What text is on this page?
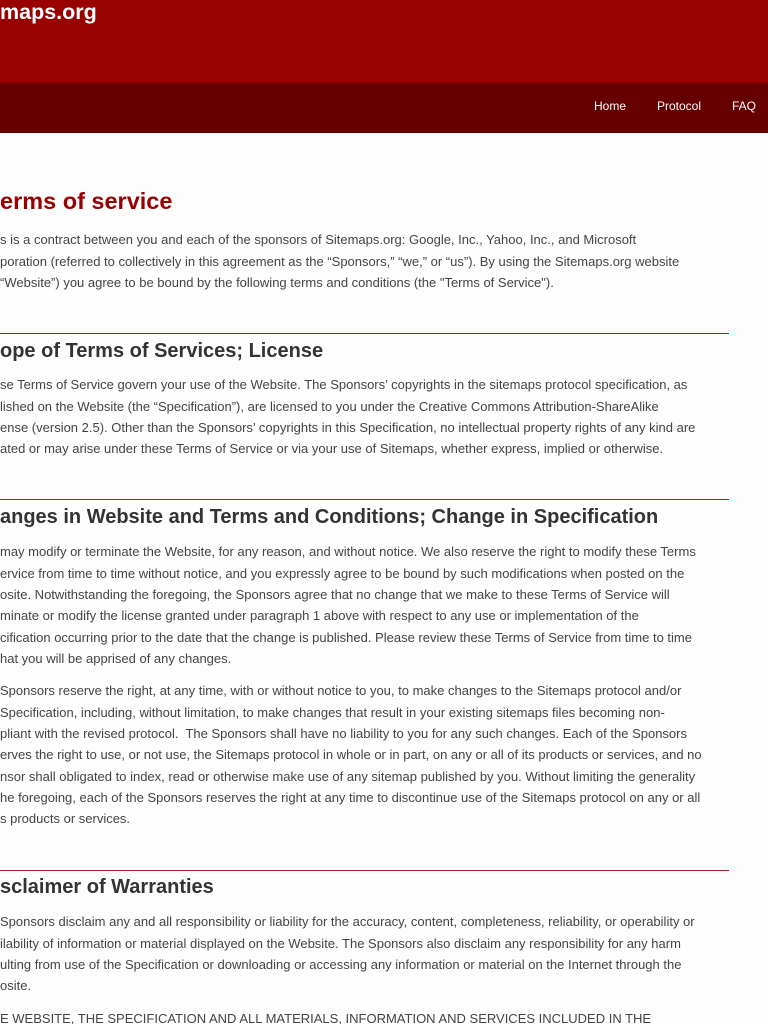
maps.org
Home	Protocol	FAQ
erms of service
s is a contract between you and each of the sponsors of Sitemaps.org: Google, Inc., Yahoo, Inc., and Microsoft
poration (referred to collectively in this agreement as the “Sponsors,” “we,” or “us”). By using the Sitemaps.org website
“Website”) you agree to be bound by the following terms and conditions (the "Terms of Service").
ope of Terms of Services; License
se Terms of Service govern your use of the Website. The Sponsors’ copyrights in the sitemaps protocol specification, as
lished on the Website (the “Specification”), are licensed to you under the Creative Commons Attribution-ShareAlike
ense (version 2.5). Other than the Sponsors’ copyrights in this Specification, no intellectual property rights of any kind are
ated or may arise under these Terms of Service or via your use of Sitemaps, whether express, implied or otherwise.
anges in Website and Terms and Conditions; Change in Specification
may modify or terminate the Website, for any reason, and without notice. We also reserve the right to modify these Terms
ervice from time to time without notice, and you expressly agree to be bound by such modifications when posted on the
osite. Notwithstanding the foregoing, the Sponsors agree that no change that we make to these Terms of Service will
minate or modify the license granted under paragraph 1 above with respect to any use or implementation of the
cification occurring prior to the date that the change is published. Please review these Terms of Service from time to time
hat you will be apprised of any changes.
Sponsors reserve the right, at any time, with or without notice to you, to make changes to the Sitemaps protocol and/or
Specification, including, without limitation, to make changes that result in your existing sitemaps files becoming non-
pliant with the revised protocol.  The Sponsors shall have no liability to you for any such changes. Each of the Sponsors
erves the right to use, or not use, the Sitemaps protocol in whole or in part, on any or all of its products or services, and no
nsor shall obligated to index, read or otherwise make use of any sitemap published by you. Without limiting the generality
he foregoing, each of the Sponsors reserves the right at any time to discontinue use of the Sitemaps protocol on any or all
s products or services.
sclaimer of Warranties
Sponsors disclaim any and all responsibility or liability for the accuracy, content, completeness, reliability, or operability or
ilability of information or material displayed on the Website. The Sponsors also disclaim any responsibility for any harm
ulting from use of the Specification or downloading or accessing any information or material on the Internet through the
osite.
E WEBSITE, THE SPECIFICATION AND ALL MATERIALS, INFORMATION AND SERVICES INCLUDED IN THE
